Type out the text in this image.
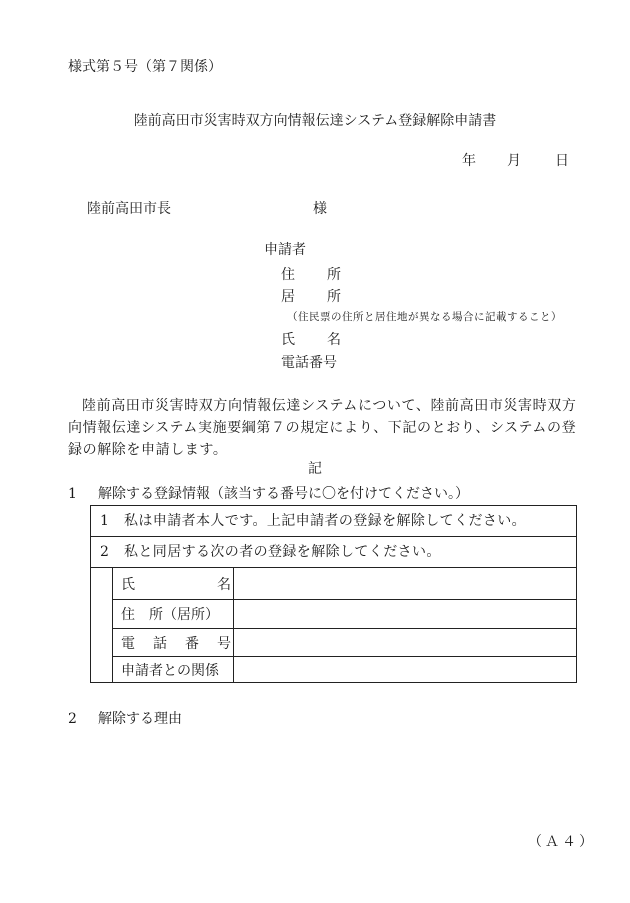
様式第５号（第７関係）
陸前高田市災害時双方向情報伝達システム登録解除申請書
年 月 日
陸前高田市長	様
申請者
住 所
居 所
（住民票の住所と居住地が異なる場合に記載すること）
氏 名
電話番号
陸前高田市災害時双方向情報伝達システムについて、陸前高田市災害時双方向情報伝達システム実施要綱第７の規定により、下記のとおり、システムの登録の解除を申請します。
記
1 解除する登録情報（該当する番号に〇を付けてください。）
1 私は申請者本人です。上記申請者の登録を解除してください。
2 私と同居する次の者の登録を解除してください。
氏	名
住　所（居所）
電 話 番 号
申請者との関係
2 解除する理由
（Ａ４）
